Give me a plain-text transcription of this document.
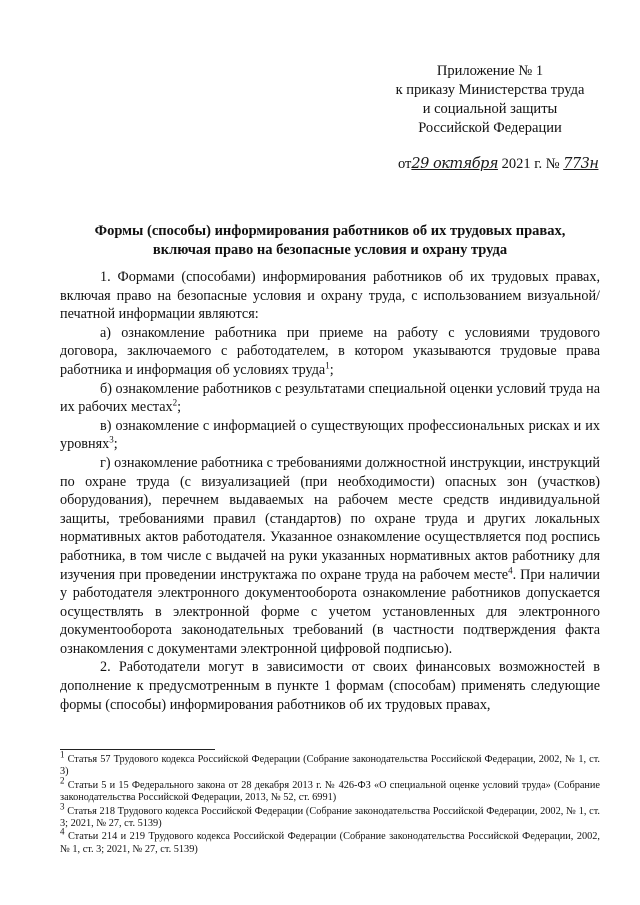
Приложение № 1
к приказу Министерства труда
и социальной защиты
Российской Федерации
от29 октября 2021 г. № 773н
Формы (способы) информирования работников об их трудовых правах,
включая право на безопасные условия и охрану труда

1. Формами (способами) информирования работников об их трудовых правах, включая право на безопасные условия и охрану труда, с использованием визуальной/печатной информации являются:

а) ознакомление работника при приеме на работу с условиями трудового договора, заключаемого с работодателем, в котором указываются трудовые права работника и информация об условиях труда$^1$;

б) ознакомление работников с результатами специальной оценки условий труда на их рабочих местах$^2$;

в) ознакомление с информацией о существующих профессиональных рисках и их уровнях$^3$;

г) ознакомление работника с требованиями должностной инструкции, инструкций по охране труда (с визуализацией (при необходимости) опасных зон (участков) оборудования), перечнем выдаваемых на рабочем месте средств индивидуальной защиты, требованиями правил (стандартов) по охране труда и других локальных нормативных актов работодателя. Указанное ознакомление осуществляется под роспись работника, в том числе с выдачей на руки указанных нормативных актов работнику для изучения при проведении инструктажа по охране труда на рабочем месте$^4$. При наличии у работодателя электронного документооборота ознакомление работников допускается осуществлять в электронной форме с учетом установленных для электронного документооборота законодательных требований (в частности подтверждения факта ознакомления с документами электронной цифровой подписью).

2. Работодатели могут в зависимости от своих финансовых возможностей в дополнение к предусмотренным в пункте 1 формам (способам) применять следующие формы (способы) информирования работников об их трудовых правах,

$^1$ Статья 57 Трудового кодекса Российской Федерации (Собрание законодательства Российской Федерации, 2002, № 1, ст. 3)

$^2$ Статьи 5 и 15 Федерального закона от 28 декабря 2013 г. № 426-ФЗ «О специальной оценке условий труда» (Собрание законодательства Российской Федерации, 2013, № 52, ст. 6991)

$^3$ Статья 218 Трудового кодекса Российской Федерации (Собрание законодательства Российской Федерации, 2002, № 1, ст. 3; 2021, № 27, ст. 5139)

$^4$ Статьи 214 и 219 Трудового кодекса Российской Федерации (Собрание законодательства Российской Федерации, 2002, № 1, ст. 3; 2021, № 27, ст. 5139)
